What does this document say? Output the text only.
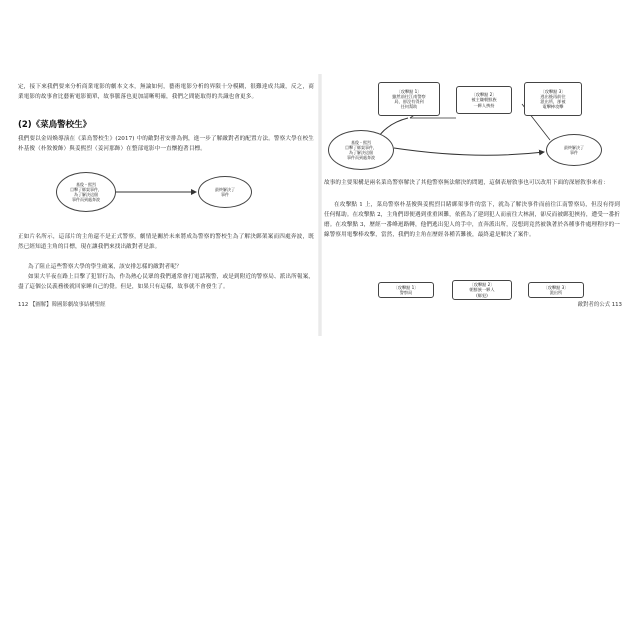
定，接下來我們要來分析商業電影的劇本文本，無論如何，藝術電影分析的界限十分模糊，很難達成共識，反之，商業電影的故事會比藝術電影簡單，故事脈落也更加請晰明確，我們之間能取得的共識也會更多。

(2)《菜鳥警校生》

我們要以金周煥導演在《菜鳥警校生》(2017) 中的敵對者安排為例，進一步了解敵對者的配置方法。警察大學在校生朴基俊（朴敘俊飾）與姜熙烈（姜河那飾）在整部電影中一直懷抱著目標。

基俊・熙烈
目擊了綁架事件，
為了解決這個
事件而到處奔波
最終解決了
事件

正如片名所示，這部片的主角還不是正式警察，劇情是關於未來將成為警察的警校生為了解決綁架案而四處奔波，既然已經知道主角的目標，現在讓我們來找出敵對者是誰。

為了阻止這些警察大學的學生破案，該安排怎樣的敵對者呢？

如果大半夜在路上目擊了犯罪行為，作為熱心民眾的我們通常會打電話報警，或是到附近的警察局、派出所報案，盡了這個公民義務後就回家睡自己的覺。但是，如果只有這樣，故事就不會發生了。

112 【圖解】韓國影劇故事結構聖經
〔攻擊點 1〕
雖然前往江南警察
局，卻沒有得到
任何幫助
〔攻擊點 2〕
被主嫌朝鮮族
一夥人挾持
〔攻擊點 3〕
逃出後再前往
派出所，卻被
電擊棒攻擊
基俊・熙烈
目擊了綁架事件，
為了解決這個
事件而到處奔波
最終解決了
事件

故事的主要架構是兩名菜鳥警察解決了其他警察無法解決的問題，這個表層敘事也可以改用下面的深層敘事來看：

在攻擊點 1 上，菜鳥警察朴基俊與姜熙烈目睹綁架事件的當下，就為了解決事件而前往江南警察局，但沒有得到任何幫助。在攻擊點 2，主角們即便遇到重重困難，依舊為了建到犯人而前往大林洞，卻反而被綁犯挾持，遭受一番折磨。在攻擊點 3，歷經一番峰迴路轉，他們逃出犯人的手中，直奔派出所，沒想到竟然被執著於各種事件處理程序的一線警察用電擊棒攻擊，當然，我們的主角在歷經各種苦難後，最終還是解決了案件。

〔攻擊點 1〕
警察局
〔攻擊點 2〕
朝鮮族一夥人
(綁犯)
〔攻擊點 3〕
派出所
敵對者的公式 113
